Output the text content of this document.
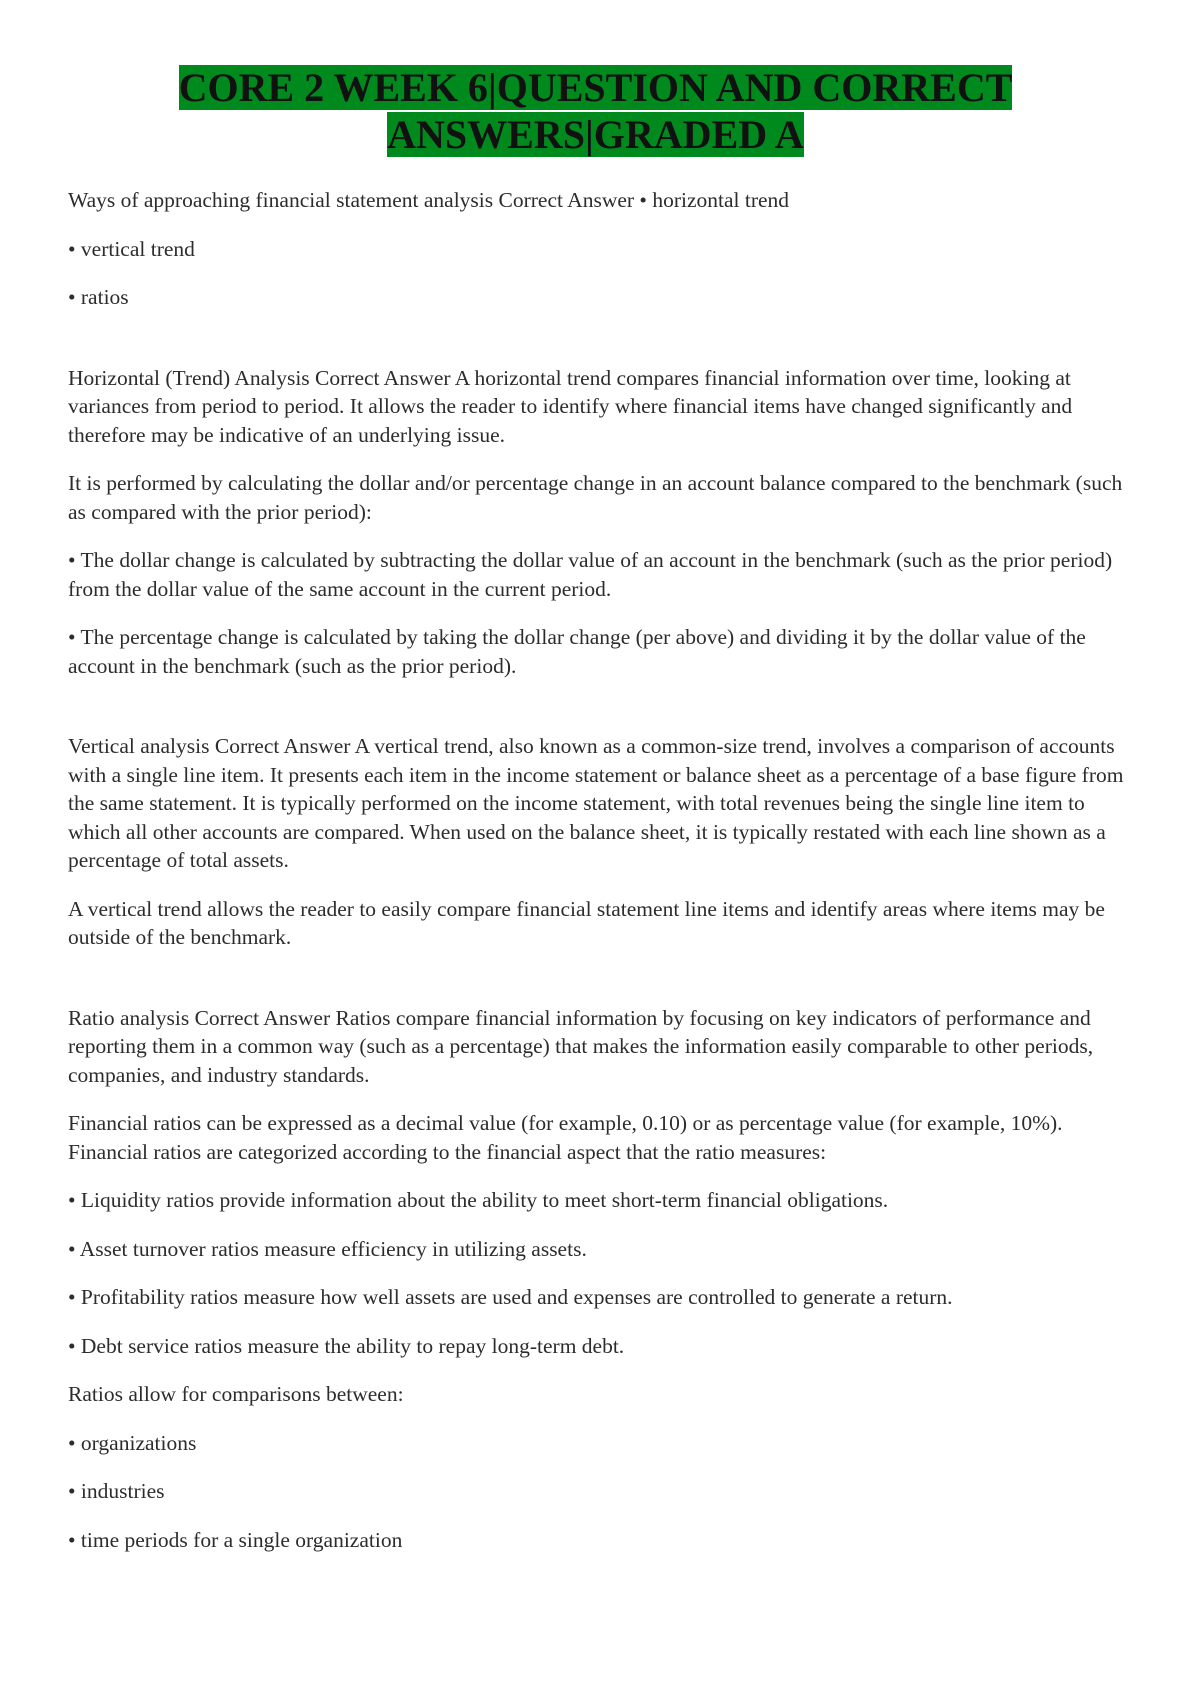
CORE 2 WEEK 6|QUESTION AND CORRECT
ANSWERS|GRADED A

Ways of approaching financial statement analysis Correct Answer • horizontal trend

• vertical trend

• ratios

Horizontal (Trend) Analysis Correct Answer A horizontal trend compares financial information over time, looking at variances from period to period. It allows the reader to identify where financial items have changed significantly and therefore may be indicative of an underlying issue.

It is performed by calculating the dollar and/or percentage change in an account balance compared to the benchmark (such as compared with the prior period):

• The dollar change is calculated by subtracting the dollar value of an account in the benchmark (such as the prior period) from the dollar value of the same account in the current period.

• The percentage change is calculated by taking the dollar change (per above) and dividing it by the dollar value of the account in the benchmark (such as the prior period).

Vertical analysis Correct Answer A vertical trend, also known as a common-size trend, involves a comparison of accounts with a single line item. It presents each item in the income statement or balance sheet as a percentage of a base figure from the same statement. It is typically performed on the income statement, with total revenues being the single line item to which all other accounts are compared. When used on the balance sheet, it is typically restated with each line shown as a percentage of total assets.

A vertical trend allows the reader to easily compare financial statement line items and identify areas where items may be outside of the benchmark.

Ratio analysis Correct Answer Ratios compare financial information by focusing on key indicators of performance and reporting them in a common way (such as a percentage) that makes the information easily comparable to other periods, companies, and industry standards.

Financial ratios can be expressed as a decimal value (for example, 0.10) or as percentage value (for example, 10%). Financial ratios are categorized according to the financial aspect that the ratio measures:

• Liquidity ratios provide information about the ability to meet short-term financial obligations.

• Asset turnover ratios measure efficiency in utilizing assets.

• Profitability ratios measure how well assets are used and expenses are controlled to generate a return.

• Debt service ratios measure the ability to repay long-term debt.

Ratios allow for comparisons between:

• organizations

• industries

• time periods for a single organization
